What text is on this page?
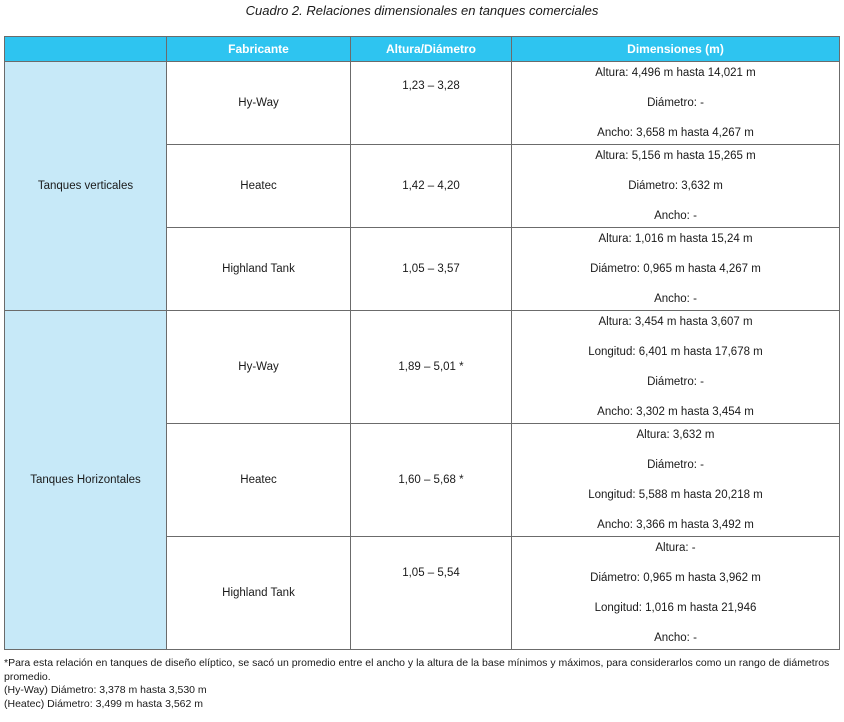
Cuadro 2. Relaciones dimensionales en tanques comerciales
	Fabricante	Altura/Diámetro	Dimensiones (m)
Tanques verticales	Hy-Way	1,23 – 3,28	Altura: 4,496 m hasta 14,021 m
Diámetro: -
Ancho: 3,658 m hasta 4,267 m

	Heatec	1,42 – 4,20	Altura: 5,156 m hasta 15,265 m
Diámetro: 3,632 m
Ancho: -

	Highland Tank	1,05 – 3,57	Altura: 1,016 m hasta 15,24 m
Diámetro: 0,965 m hasta 4,267 m
Ancho: -

Tanques Horizontales	Hy-Way	1,89 – 5,01 *	Altura: 3,454 m hasta 3,607 m
Longitud: 6,401 m hasta 17,678 m
Diámetro: -
Ancho: 3,302 m hasta 3,454 m

	Heatec	1,60 – 5,68 *	Altura: 3,632 m
Diámetro: -
Longitud: 5,588 m hasta 20,218 m
Ancho: 3,366 m hasta 3,492 m

	Highland Tank	1,05 – 5,54	Altura: -
Diámetro: 0,965 m hasta 3,962 m
Longitud: 1,016 m hasta 21,946
Ancho: -

*Para esta relación en tanques de diseño elíptico, se sacó un promedio entre el ancho y la altura de la base mínimos y máximos, para considerarlos como un rango de diámetros promedio.

(Hy-Way) Diámetro: 3,378 m hasta 3,530 m

(Heatec) Diámetro: 3,499 m hasta 3,562 m
